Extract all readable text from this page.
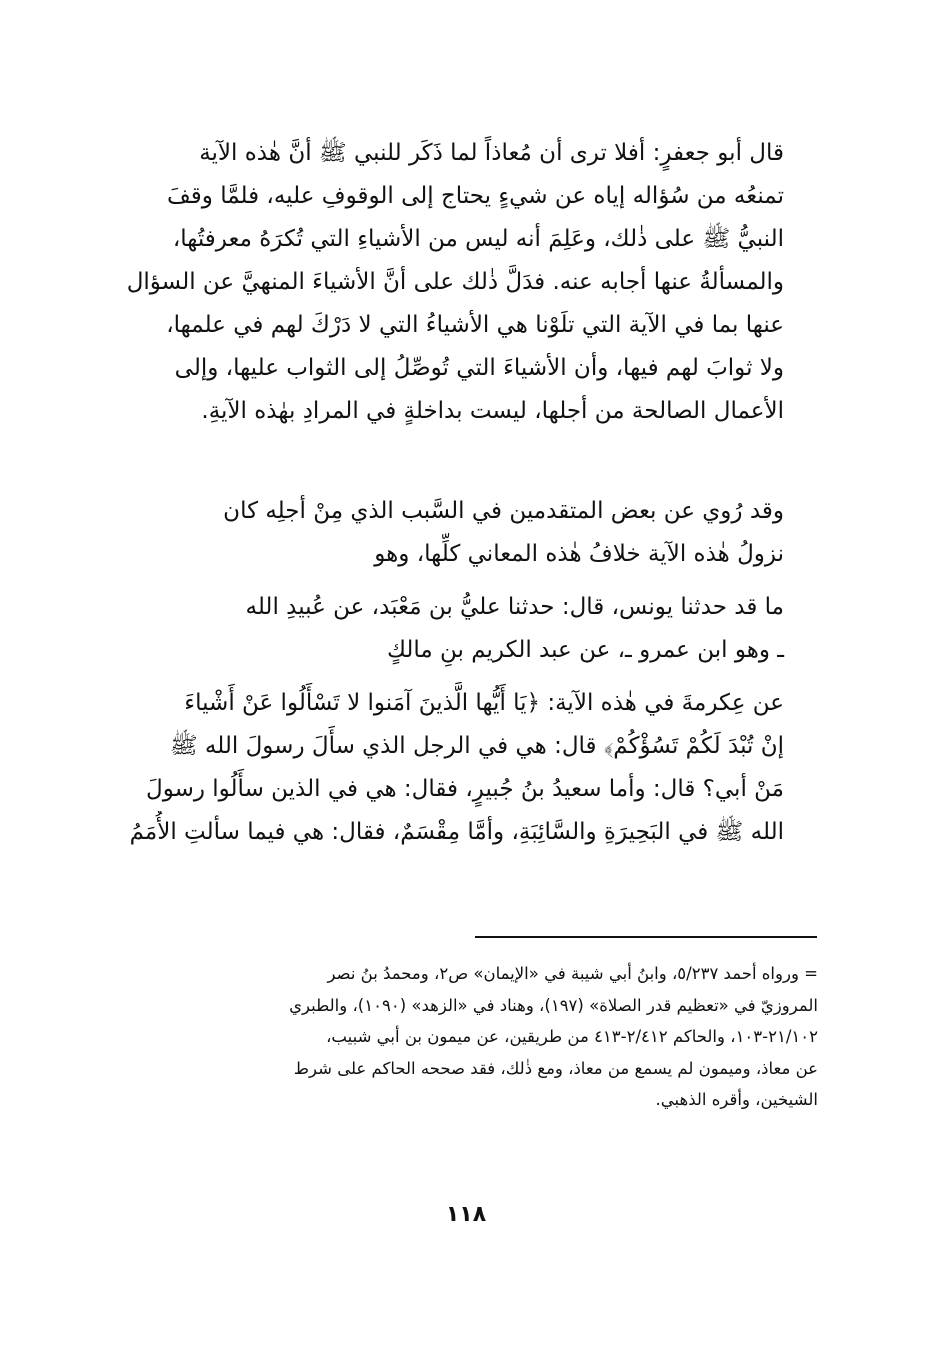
قال أبو جعفرٍ: أفلا ترى أن مُعاذاً لما ذَكَر للنبي ﷺ أنَّ هٰذه الآية
تمنعُه من سُؤاله إياه عن شيءٍ يحتاج إلى الوقوفِ عليه، فلمَّا وقفَ
النبيُّ ﷺ على ذٰلك، وعَلِمَ أنه ليس من الأشياءِ التي تُكرَهُ معرفتُها،
والمسألةُ عنها أجابه عنه. فدَلَّ ذٰلك على أنَّ الأشياءَ المنهيَّ عن السؤال
عنها بما في الآية التي تلَوْنا هي الأشياءُ التي لا دَرْكَ لهم في علمها،
ولا ثوابَ لهم فيها، وأن الأشياءَ التي تُوصِّلُ إلى الثواب عليها، وإلى
الأعمال الصالحة من أجلها، ليست بداخلةٍ في المرادِ بهٰذه الآيةِ.

وقد رُوي عن بعض المتقدمين في السَّبب الذي مِنْ أجلِه كان
نزولُ هٰذه الآية خلافُ هٰذه المعاني كلِّها، وهو

ما قد حدثنا يونس، قال: حدثنا عليُّ بن مَعْبَد، عن عُبيدِ الله
ـ وهو ابن عمرو ـ، عن عبد الكريم بنِ مالكٍ

عن عِكرمةَ في هٰذه الآية: ﴿يَا أَيُّها الَّذينَ آمَنوا لا تَسْأَلُوا عَنْ أَشْياءَ
إنْ تُبْدَ لَكُمْ تَسُؤْكُمْ﴾ قال: هي في الرجل الذي سأَلَ رسولَ الله ﷺ
مَنْ أبي؟ قال: وأما سعيدُ بنُ جُبيرٍ، فقال: هي في الذين سأَلُوا رسولَ
الله ﷺ في البَحِيرَةِ والسَّائِبَةِ، وأمَّا مِقْسَمٌ، فقال: هي فيما سألتِ الأُمَمُ

= ورواه أحمد ٥/٢٣٧، وابنُ أبي شيبة في «الإيمان» ص٢، ومحمدُ بنُ نصر
المروزيّ في «تعظيم قدر الصلاة» (١٩٧)، وهناد في «الزهد» (١٠٩٠)، والطبري
٢١/١٠٢-١٠٣، والحاكم ٢/٤١٢-٤١٣ من طريقين، عن ميمون بن أبي شبيب،
عن معاذ، وميمون لم يسمع من معاذ، ومع ذٰلك، فقد صححه الحاكم على شرط
الشيخين، وأقره الذهبي.
١١٨
